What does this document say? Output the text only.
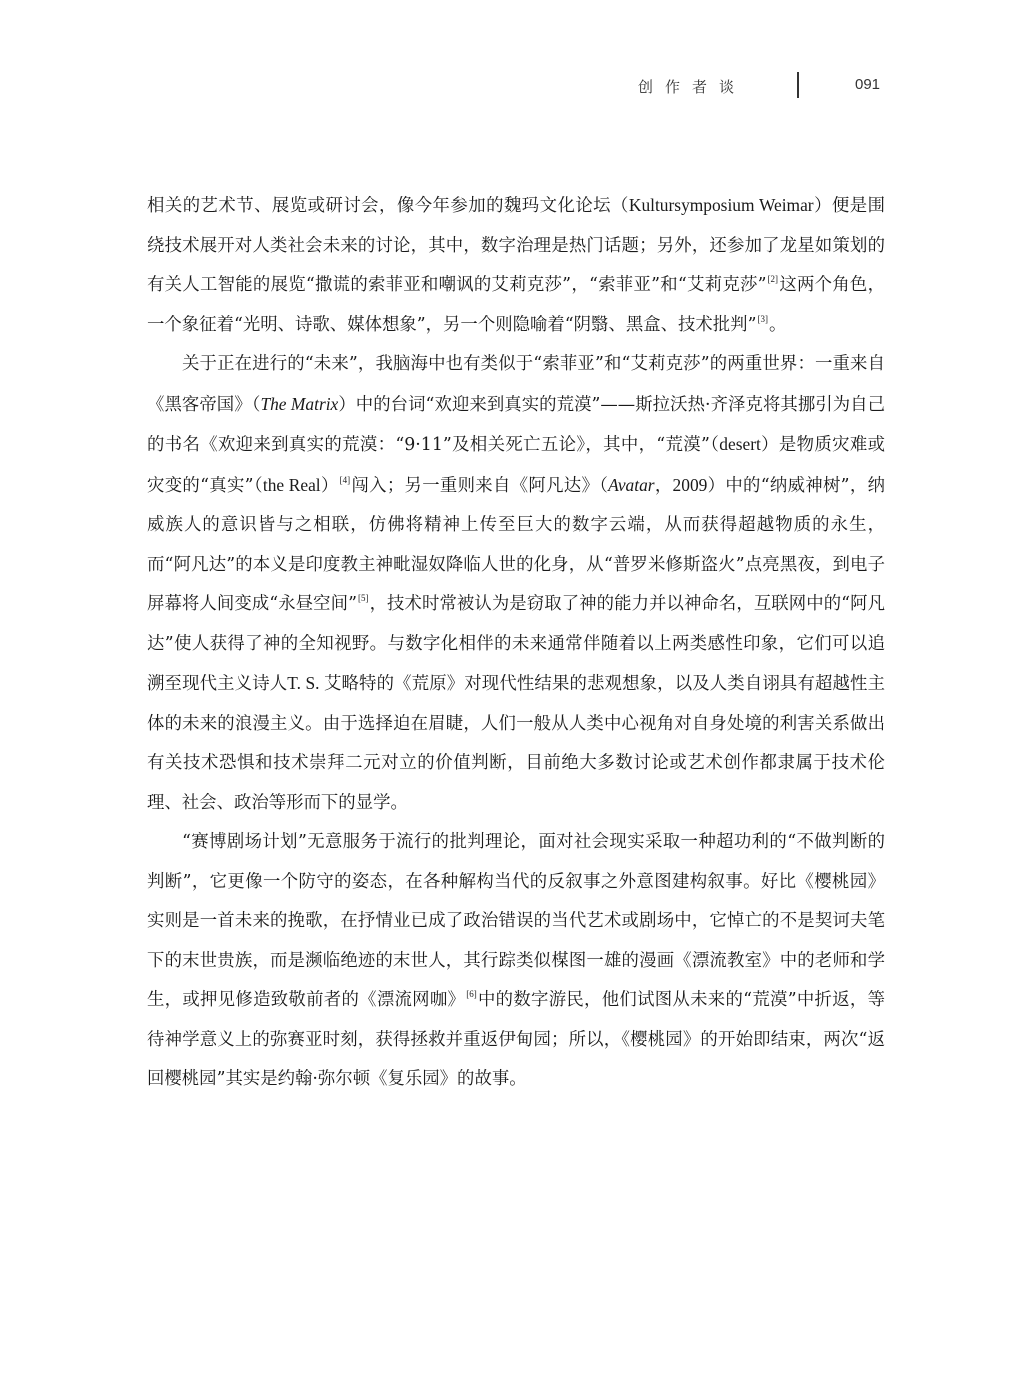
创作者谈	091

相关的艺术节、展览或研讨会，像今年参加的魏玛文化论坛（Kultursymposium Weimar）便是围绕技术展开对人类社会未来的讨论，其中，数字治理是热门话题；另外，还参加了龙星如策划的有关人工智能的展览“撒谎的索菲亚和嘲讽的艾莉克莎”，“索菲亚”和“艾莉克莎”[2]这两个角色，一个象征着“光明、诗歌、媒体想象”，另一个则隐喻着“阴翳、黑盒、技术批判”[3]。

关于正在进行的“未来”，我脑海中也有类似于“索菲亚”和“艾莉克莎”的两重世界：一重来自《黑客帝国》（The Matrix）中的台词“欢迎来到真实的荒漠”——斯拉沃热·齐泽克将其挪引为自己的书名《欢迎来到真实的荒漠：“9·11”及相关死亡五论》，其中，“荒漠”（desert）是物质灾难或灾变的“真实”（the Real）[4]闯入；另一重则来自《阿凡达》（Avatar，2009）中的“纳威神树”，纳威族人的意识皆与之相联，仿佛将精神上传至巨大的数字云端，从而获得超越物质的永生，而“阿凡达”的本义是印度教主神毗湿奴降临人世的化身，从“普罗米修斯盗火”点亮黑夜，到电子屏幕将人间变成“永昼空间”[5]，技术时常被认为是窃取了神的能力并以神命名，互联网中的“阿凡达”使人获得了神的全知视野。与数字化相伴的未来通常伴随着以上两类感性印象，它们可以追溯至现代主义诗人T. S. 艾略特的《荒原》对现代性结果的悲观想象，以及人类自诩具有超越性主体的未来的浪漫主义。由于选择迫在眉睫，人们一般从人类中心视角对自身处境的利害关系做出有关技术恐惧和技术崇拜二元对立的价值判断，目前绝大多数讨论或艺术创作都隶属于技术伦理、社会、政治等形而下的显学。

“赛博剧场计划”无意服务于流行的批判理论，面对社会现实采取一种超功利的“不做判断的判断”，它更像一个防守的姿态，在各种解构当代的反叙事之外意图建构叙事。好比《樱桃园》实则是一首未来的挽歌，在抒情业已成了政治错误的当代艺术或剧场中，它悼亡的不是契诃夫笔下的末世贵族，而是濒临绝迹的末世人，其行踪类似楳图一雄的漫画《漂流教室》中的老师和学生，或押见修造致敬前者的《漂流网咖》[6]中的数字游民，他们试图从未来的“荒漠”中折返，等待神学意义上的弥赛亚时刻，获得拯救并重返伊甸园；所以，《樱桃园》的开始即结束，两次“返回樱桃园”其实是约翰·弥尔顿《复乐园》的故事。
